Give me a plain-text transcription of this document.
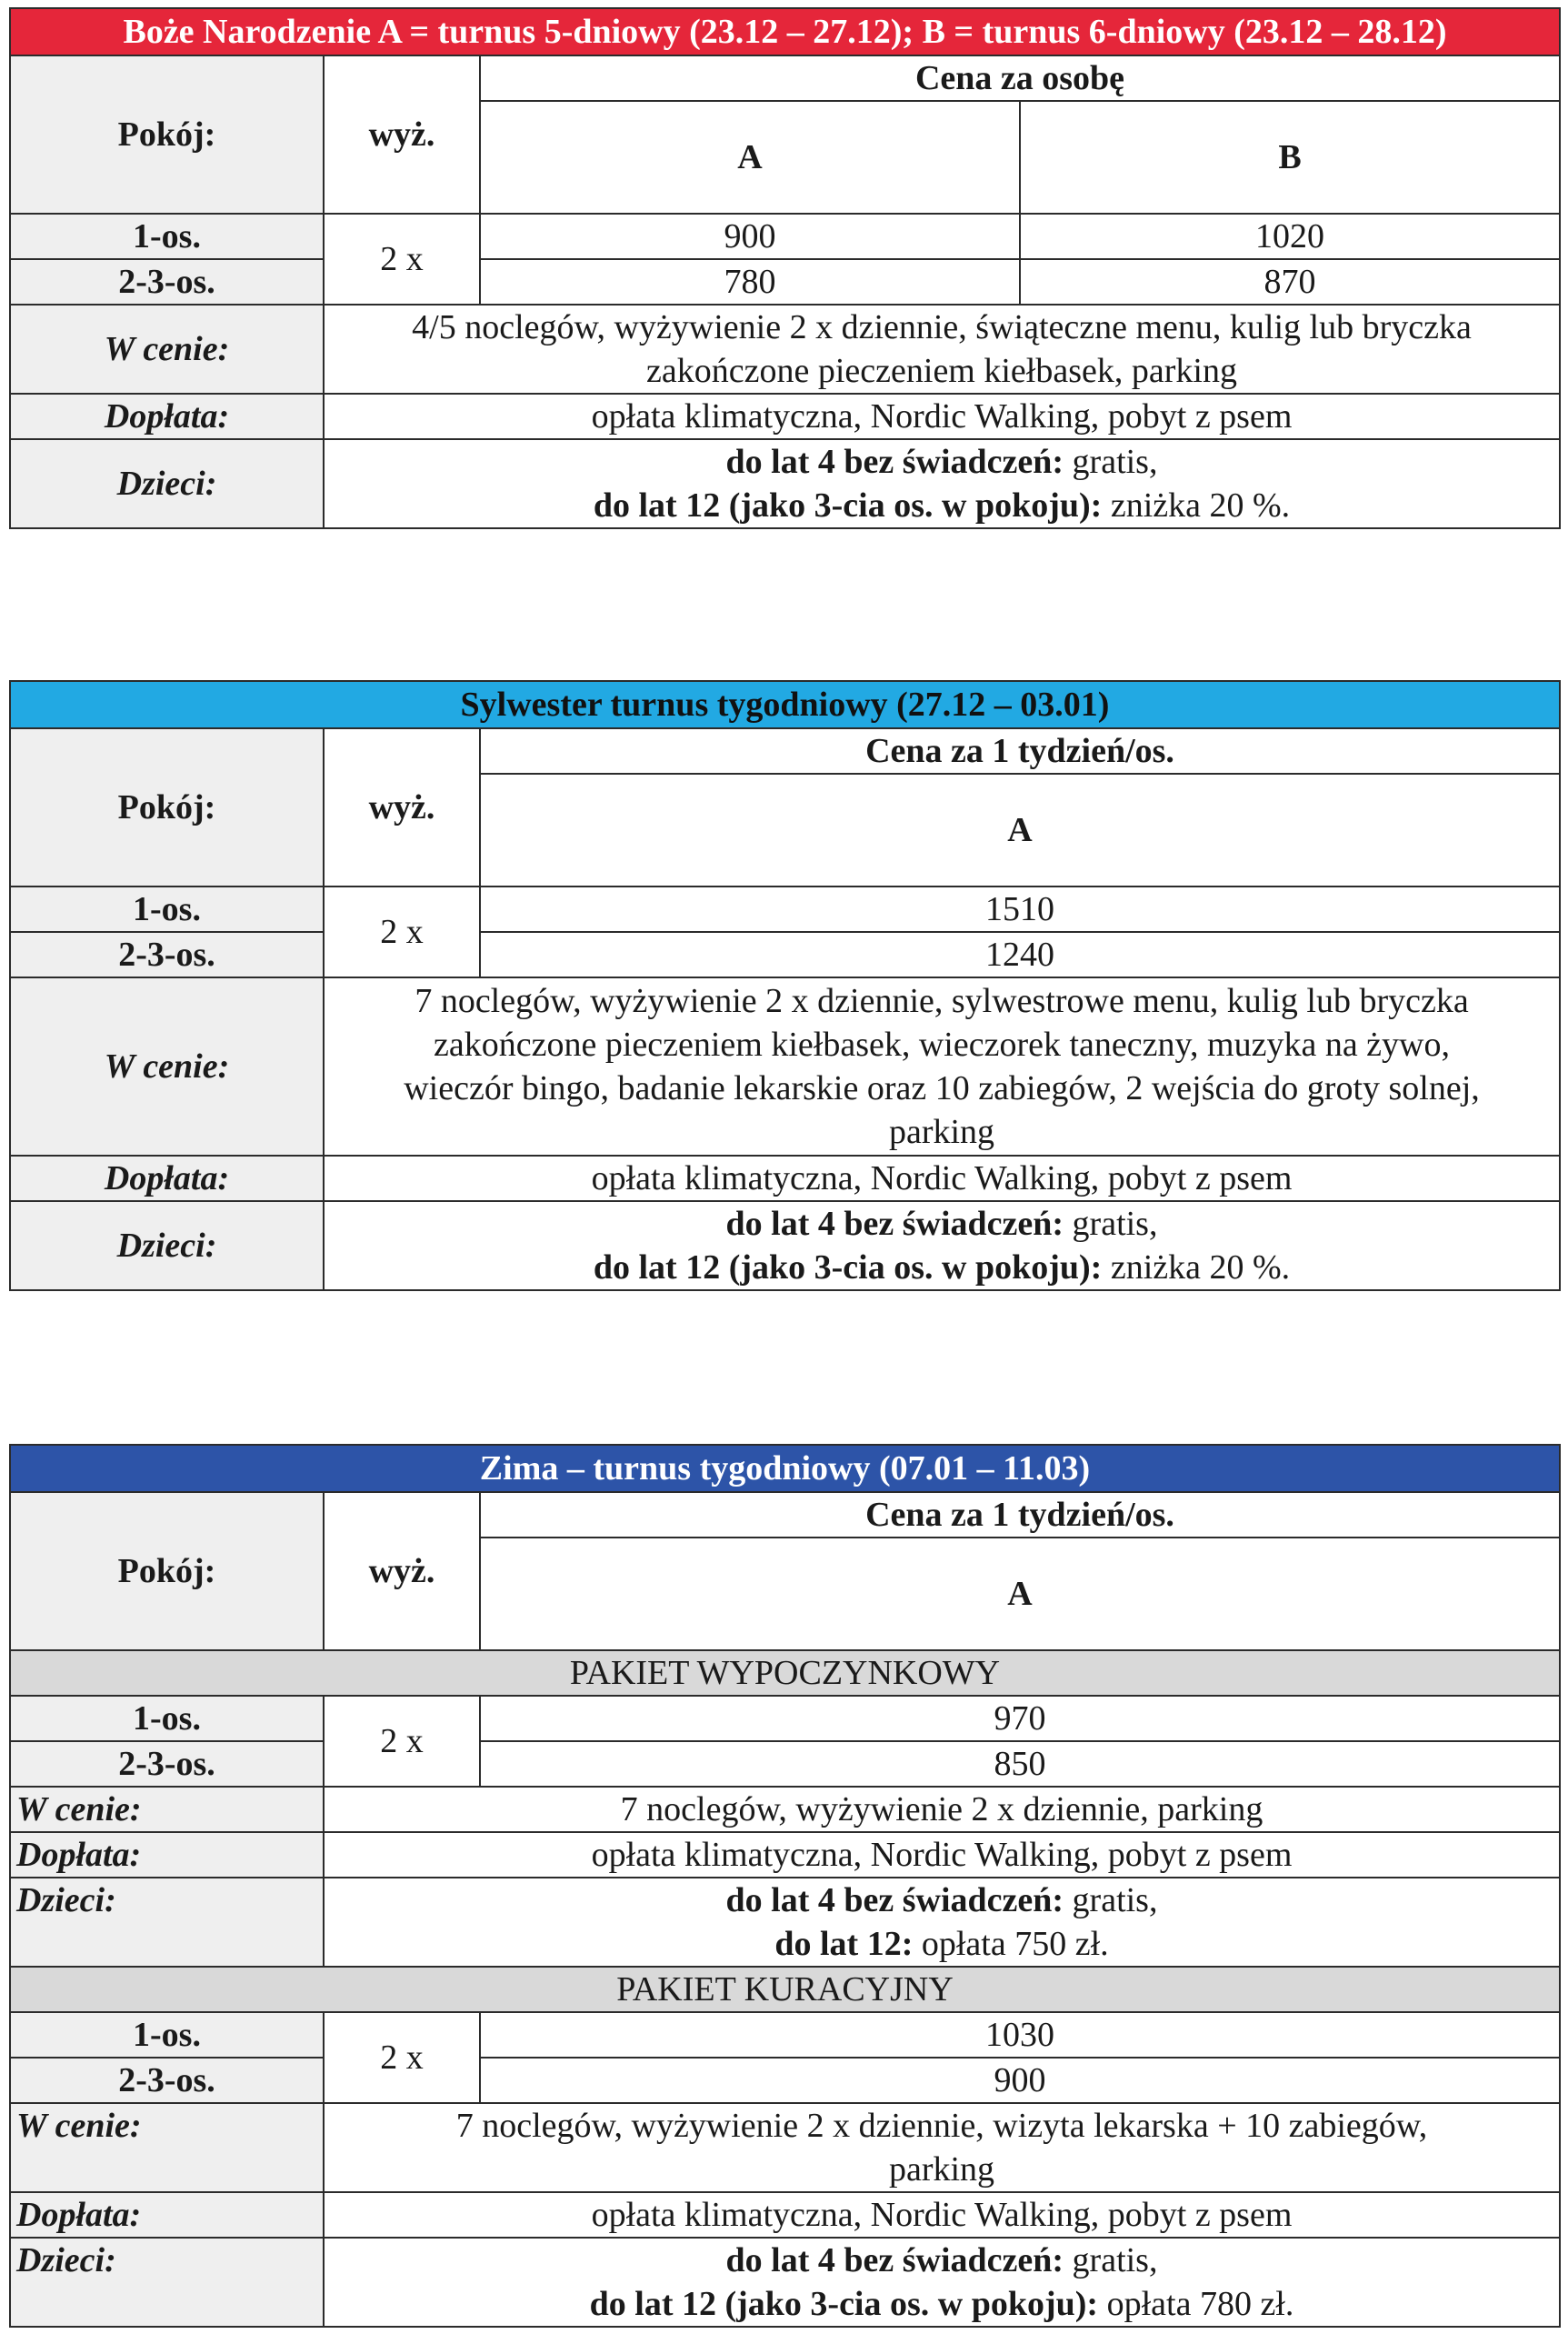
Boże Narodzenie A = turnus 5-dniowy (23.12 – 27.12); B = turnus 6-dniowy (23.12 – 28.12)			
Pokój:	wyż.	Cena za osobę	
		A	B
1-os.	2 x	900	1020
2-3-os.		780	870
W cenie:	4/5 noclegów, wyżywienie 2 x dziennie, świąteczne menu, kulig lub bryczka
zakończone pieczeniem kiełbasek, parking		

Dopłata:	opłata klimatyczna, Nordic Walking, pobyt z psem		
Dzieci:	do lat 4 bez świadczeń: gratis,
do lat 12 (jako 3-cia os. w pokoju): zniżka 20 %.		
Sylwester turnus tygodniowy (27.12 – 03.01)		
Pokój:	wyż.	Cena za 1 tydzień/os.
		A
1-os.	2 x	1510
2-3-os.		1240
W cenie:	7 noclegów, wyżywienie 2 x dziennie, sylwestrowe menu, kulig lub bryczka
zakończone pieczeniem kiełbasek, wieczorek taneczny, muzyka na żywo,
wieczór bingo, badanie lekarskie oraz 10 zabiegów, 2 wejścia do groty solnej,
parking	

Dopłata:	opłata klimatyczna, Nordic Walking, pobyt z psem	
Dzieci:	do lat 4 bez świadczeń: gratis,
do lat 12 (jako 3-cia os. w pokoju): zniżka 20 %.	
Zima – turnus tygodniowy (07.01 – 11.03)		
Pokój:	wyż.	Cena za 1 tydzień/os.
		A
PAKIET WYPOCZYNKOWY		
1-os.	2 x	970
2-3-os.		850
W cenie:	7 noclegów, wyżywienie 2 x dziennie, parking	
Dopłata:	opłata klimatyczna, Nordic Walking, pobyt z psem	
Dzieci:	do lat 4 bez świadczeń: gratis,
do lat 12: opłata 750 zł.	

PAKIET KURACYJNY		
1-os.	2 x	1030
2-3-os.		900
W cenie:	7 noclegów, wyżywienie 2 x dziennie, wizyta lekarska + 10 zabiegów,
parking	

Dopłata:	opłata klimatyczna, Nordic Walking, pobyt z psem	
Dzieci:	do lat 4 bez świadczeń: gratis,
do lat 12 (jako 3-cia os. w pokoju): opłata 780 zł.	
